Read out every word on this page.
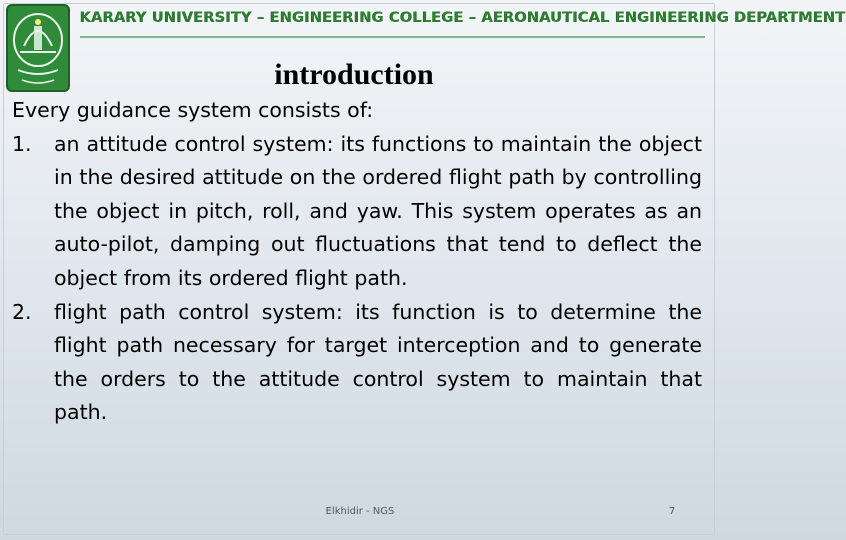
KARARY UNIVERSITY – ENGINEERING COLLEGE – AERONAUTICAL ENGINEERING DEPARTMENT
introduction
Every guidance system consists of:
1. an attitude control system: its functions to maintain the object in the desired attitude on the ordered flight path by controlling the object in pitch, roll, and yaw. This system operates as an auto-pilot, damping out fluctuations that tend to deflect the object from its ordered flight path.
2. flight path control system: its function is to determine the flight path necessary for target interception and to generate the orders to the attitude control system to maintain that path.
Elkhidir - NGS	7
